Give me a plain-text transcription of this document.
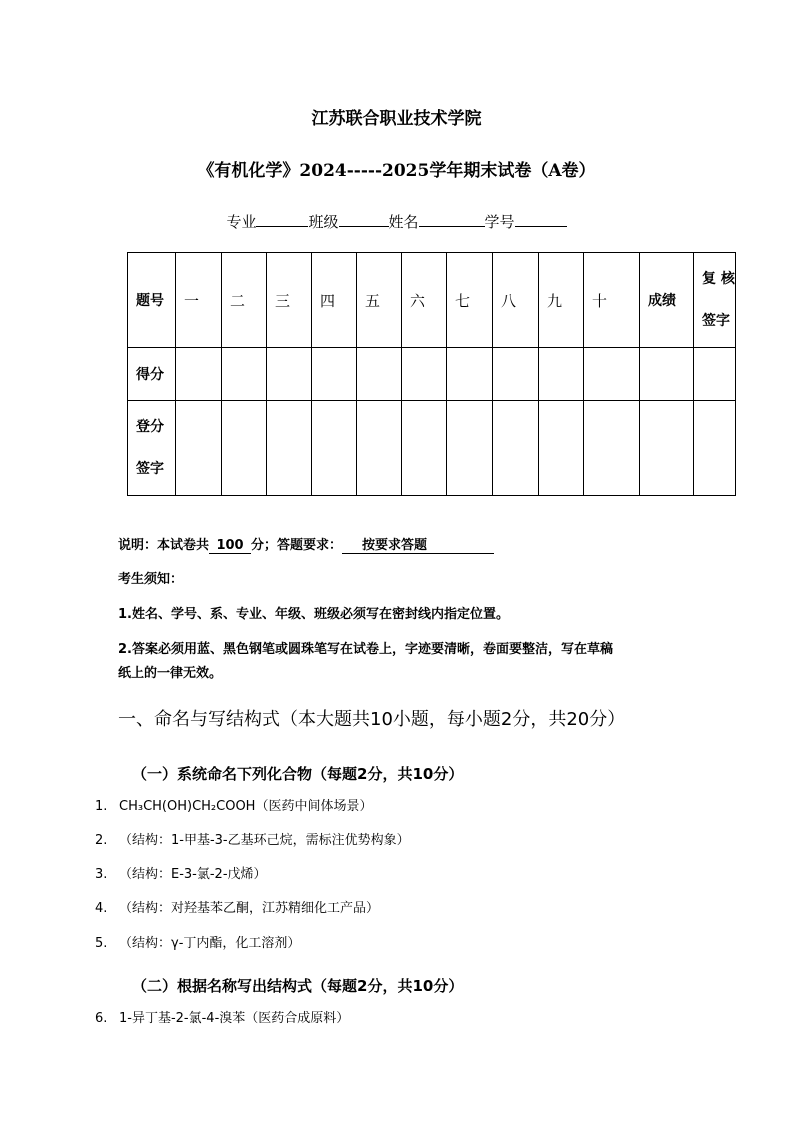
江苏联合职业技术学院
《有机化学》2024-----2025学年期末试卷（A卷）
专业	班级	姓名	学号
题号	一	二	三	四	五	六	七	八	九	十	成绩	复 核
签字

得分												

登分
签字												

说明：本试卷共 100 分；答题要求： 按要求答题
考生须知：
1.姓名、学号、系、专业、年级、班级必须写在密封线内指定位置。
2.答案必须用蓝、黑色钢笔或圆珠笔写在试卷上，字迹要清晰，卷面要整洁，写在草稿
纸上的一律无效。
一、命名与写结构式（本大题共10小题，每小题2分，共20分）
（一）系统命名下列化合物（每题2分，共10分）
1. CH₃CH(OH)CH₂COOH（医药中间体场景）
2. （结构：1-甲基-3-乙基环己烷，需标注优势构象）
3. （结构：E-3-氯-2-戊烯）
4. （结构：对羟基苯乙酮，江苏精细化工产品）
5. （结构：γ-丁内酯，化工溶剂）
（二）根据名称写出结构式（每题2分，共10分）
6. 1-异丁基-2-氯-4-溴苯（医药合成原料）
